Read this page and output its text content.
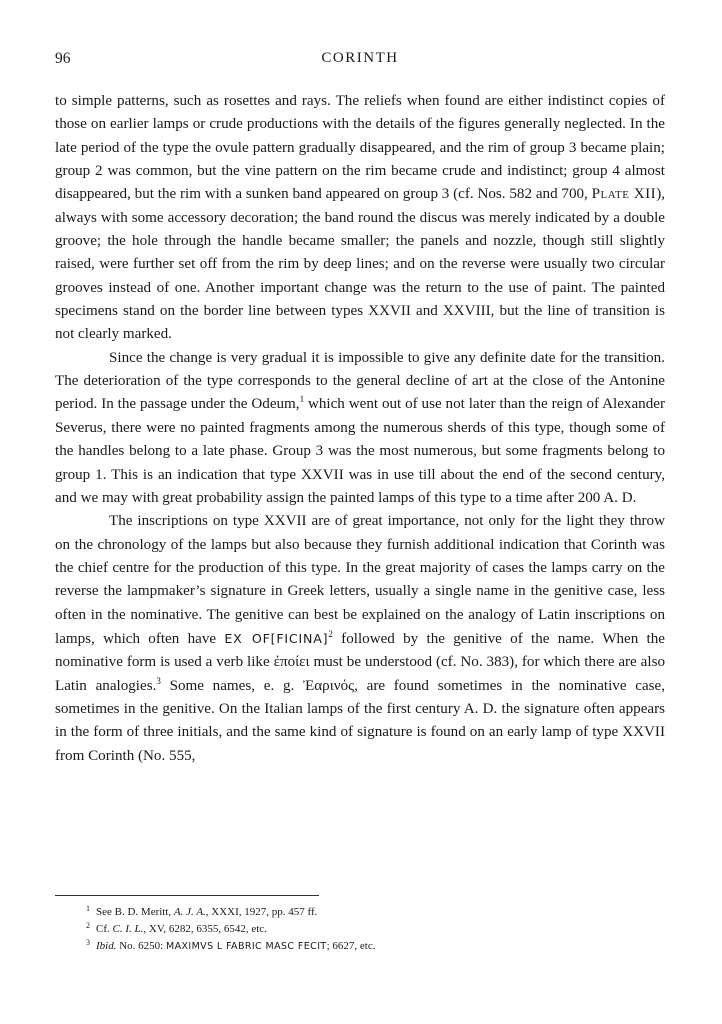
96	CORINTH

to simple patterns, such as rosettes and rays. The reliefs when found are either indistinct copies of those on earlier lamps or crude productions with the details of the figures generally neglected. In the late period of the type the ovule pattern gradually disappeared, and the rim of group 3 became plain; group 2 was common, but the vine pattern on the rim became crude and indistinct; group 4 almost disappeared, but the rim with a sunken band appeared on group 3 (cf. Nos. 582 and 700, Plate XII), always with some accessory decoration; the band round the discus was merely indicated by a double groove; the hole through the handle became smaller; the panels and nozzle, though still slightly raised, were further set off from the rim by deep lines; and on the reverse were usually two circular grooves instead of one. Another important change was the return to the use of paint. The painted specimens stand on the border line between types XXVII and XXVIII, but the line of transition is not clearly marked.

Since the change is very gradual it is impossible to give any definite date for the transition. The deterioration of the type corresponds to the general decline of art at the close of the Antonine period. In the passage under the Odeum,$^1$ which went out of use not later than the reign of Alexander Severus, there were no painted fragments among the numerous sherds of this type, though some of the handles belong to a late phase. Group 3 was the most numerous, but some fragments belong to group 1. This is an indication that type XXVII was in use till about the end of the second century, and we may with great probability assign the painted lamps of this type to a time after 200 A. D.

The inscriptions on type XXVII are of great importance, not only for the light they throw on the chronology of the lamps but also because they furnish additional indication that Corinth was the chief centre for the production of this type. In the great majority of cases the lamps carry on the reverse the lampmaker’s signature in Greek letters, usually a single name in the genitive case, less often in the nominative. The genitive can best be explained on the analogy of Latin inscriptions on lamps, which often have EX OF[FICINA]$^2$ followed by the genitive of the name. When the nominative form is used a verb like ἐποίει must be understood (cf. No. 383), for which there are also Latin analogies.$^3$ Some names, e. g. Ἐαρινός, are found sometimes in the nominative case, sometimes in the genitive. On the Italian lamps of the first century A. D. the signature often appears in the form of three initials, and the same kind of signature is found on an early lamp of type XXVII from Corinth (No. 555,

$^1$ See B. D. Meritt, A. J. A., XXXI, 1927, pp. 457 ff.
$^2$ Cf. C. I. L., XV, 6282, 6355, 6542, etc.
$^3$ Ibid. No. 6250: MAXIMVS L FABRIC MASC FECIT; 6627, etc.
